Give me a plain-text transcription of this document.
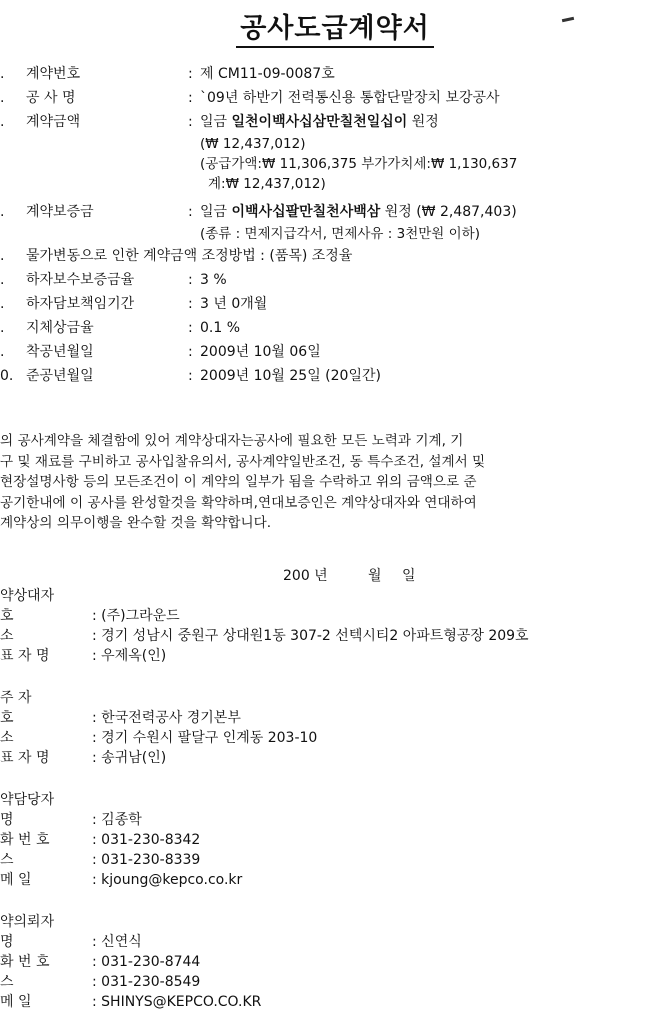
공사도급계약서
.	계약번호	: 제 CM11-09-0087호
.	공 사 명	: `09년 하반기 전력통신용 통합단말장치 보강공사
.	계약금액	: 일금 일천이백사십삼만칠천일십이 원정
(₩ 12,437,012)
(공급가액:₩ 11,306,375 부가가치세:₩ 1,130,637
계:₩ 12,437,012)
.	계약보증금	: 일금 이백사십팔만칠천사백삼 원정 (₩ 2,487,403)
(종류 : 면제지급각서, 면제사유 : 3천만원 이하)
.	물가변동으로 인한 계약금액 조정방법 : (품목) 조정율
.	하자보수보증금율	: 3 %
.	하자담보책임기간	: 3 년 0개월
.	지체상금율	: 0.1 %
.	착공년월일	: 2009년 10월 06일
0. 준공년월일	: 2009년 10월 25일 (20일간)
의 공사계약을 체결함에 있어 계약상대자는공사에 필요한 모든 노력과 기계, 기
구 및 재료를 구비하고 공사입찰유의서, 공사계약일반조건, 동 특수조건, 설계서 및
현장설명사항 등의 모든조건이 이 계약의 일부가 됨을 수락하고 위의 금액으로 준
공기한내에 이 공사를 완성할것을 확약하며,연대보증인은 계약상대자와 연대하여
계약상의 의무이행을 완수할 것을 확약합니다.
200 년	월 일
약상대자
호	: (주)그라운드
소	: 경기 성남시 중원구 상대원1동 307-2 선텍시티2 아파트형공장 209호
표 자 명	: 우제옥(인)
주 자
호	: 한국전력공사 경기본부
소	: 경기 수원시 팔달구 인계동 203-10
표 자 명	: 송귀남(인)
약담당자
명	: 김종학
화 번 호	: 031-230-8342
스	: 031-230-8339
메 일	: kjoung@kepco.co.kr
약의뢰자
명	: 신연식
화 번 호	: 031-230-8744
스	: 031-230-8549
메 일	: SHINYS@KEPCO.CO.KR
